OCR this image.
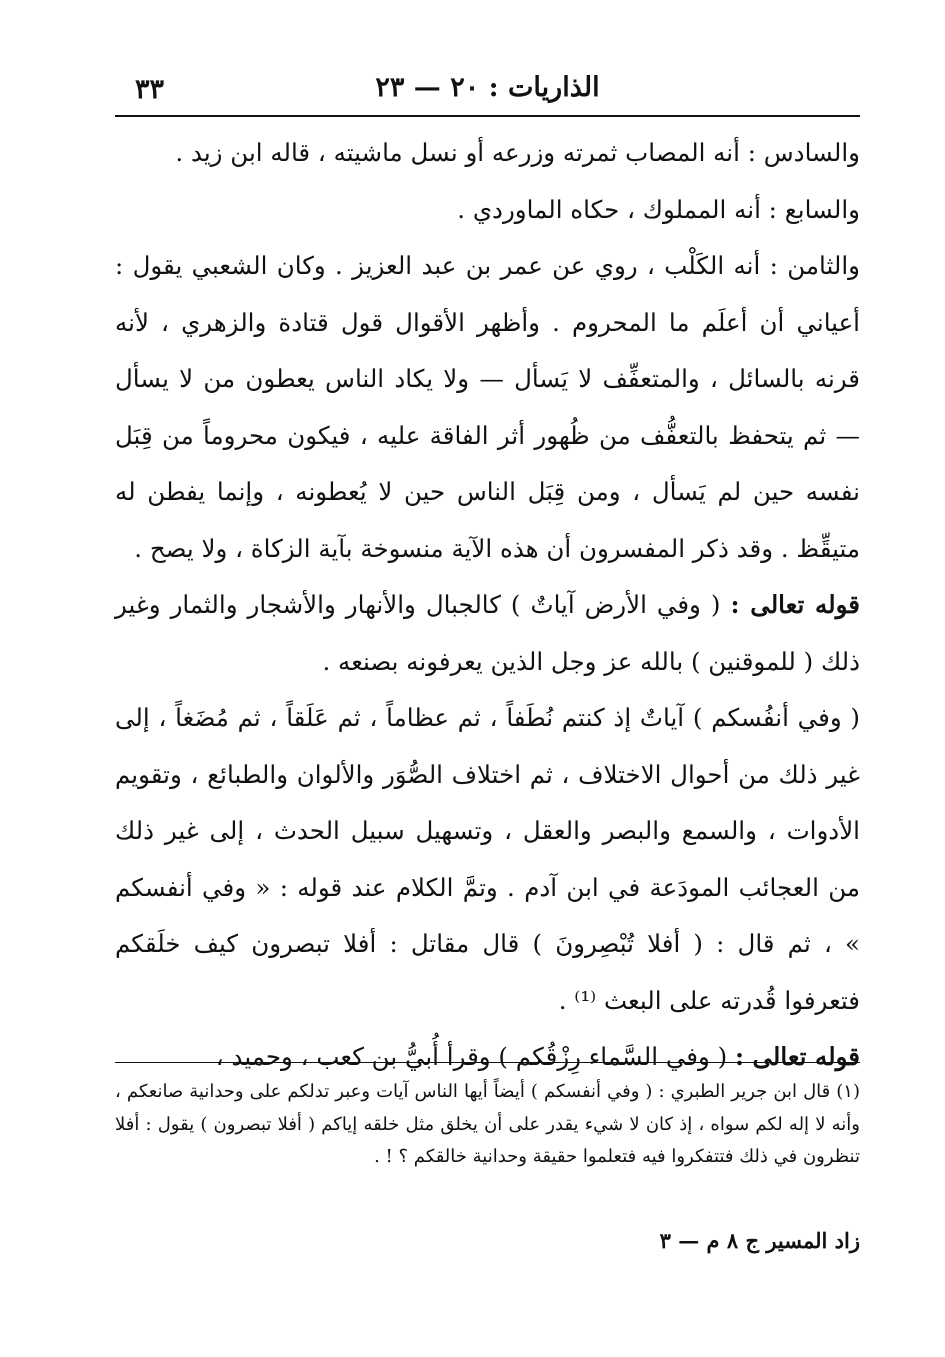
٣٣	الذاريات : ٢٠ — ٢٣

والسادس : أنه المصاب ثمرته وزرعه أو نسل ماشيته ، قاله ابن زيد .

والسابع : أنه المملوك ، حكاه الماوردي .

والثامن : أنه الكَلْب ، روي عن عمر بن عبد العزيز . وكان الشعبي يقول : أعياني أن أعلَم ما المحروم . وأظهر الأقوال قول قتادة والزهري ، لأنه قرنه بالسائل ، والمتعفِّف لا يَسأل — ولا يكاد الناس يعطون من لا يسأل — ثم يتحفظ بالتعفُّف من ظُهور أثر الفاقة عليه ، فيكون محروماً من قِبَل نفسه حين لم يَسأل ، ومن قِبَل الناس حين لا يُعطونه ، وإنما يفطن له متيقِّظ . وقد ذكر المفسرون أن هذه الآية منسوخة بآية الزكاة ، ولا يصح .

قوله تعالى : ( وفي الأرض آياتٌ ) كالجبال والأنهار والأشجار والثمار وغير ذلك ( للموقنين ) بالله عز وجل الذين يعرفونه بصنعه .

( وفي أنفُسكم ) آياتٌ إذ كنتم نُطَفاً ، ثم عظاماً ، ثم عَلَقاً ، ثم مُضَغاً ، إلى غير ذلك من أحوال الاختلاف ، ثم اختلاف الصُّوَر والألوان والطبائع ، وتقويم الأدوات ، والسمع والبصر والعقل ، وتسهيل سبيل الحدث ، إلى غير ذلك من العجائب المودَعة في ابن آدم . وتمَّ الكلام عند قوله : « وفي أنفسكم » ، ثم قال : ( أفلا تُبْصِرونَ ) قال مقاتل : أفلا تبصرون كيف خلَقكم فتعرفوا قُدرته على البعث ⁽¹⁾ .

قوله تعالى : ( وفي السَّماء رِزْقُكم ) وقرأ أُبيُّ بن كعب ، وحميد ،

(١) قال ابن جرير الطبري : ( وفي أنفسكم ) أيضاً أيها الناس آيات وعبر تدلكم على وحدانية صانعكم ، وأنه لا إله لكم سواه ، إذ كان لا شيء يقدر على أن يخلق مثل خلقه إياكم ( أفلا تبصرون ) يقول : أفلا تنظرون في ذلك فتتفكروا فيه فتعلموا حقيقة وحدانية خالقكم ؟ ! .

زاد المسير ج ٨ م — ٣
